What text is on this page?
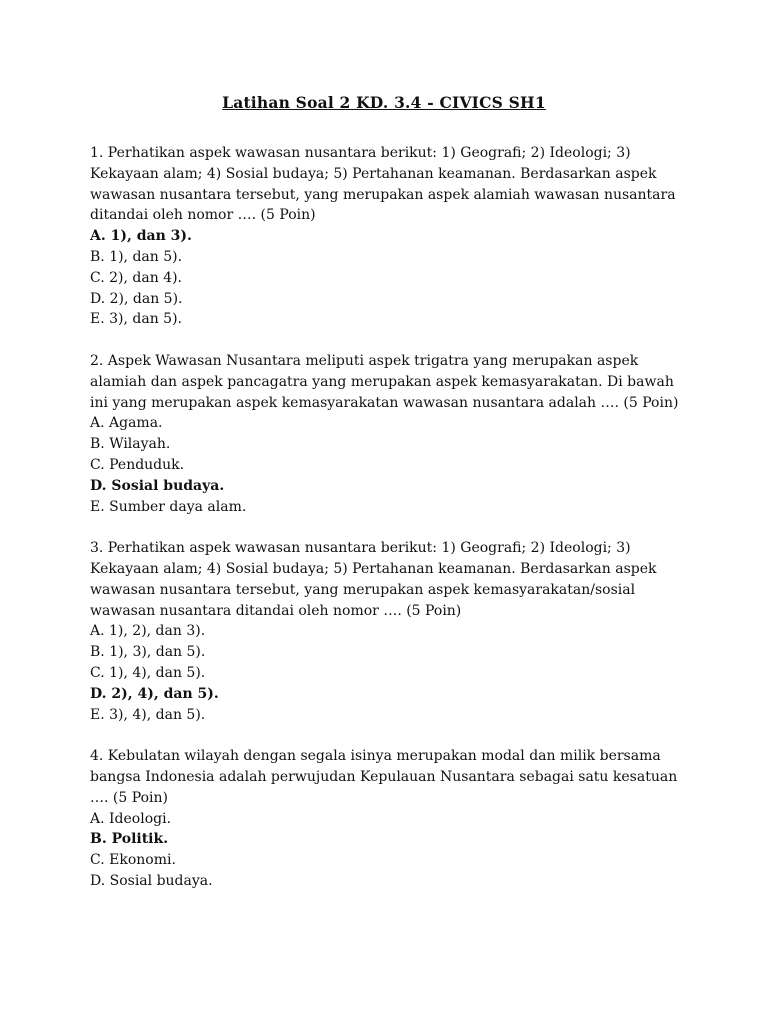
Latihan Soal 2 KD. 3.4 - CIVICS SH1

1. Perhatikan aspek wawasan nusantara berikut: 1) Geografi; 2) Ideologi; 3) Kekayaan alam; 4) Sosial budaya; 5) Pertahanan keamanan. Berdasarkan aspek wawasan nusantara tersebut, yang merupakan aspek alamiah wawasan nusantara ditandai oleh nomor …. (5 Poin)

A. 1), dan 3).
B. 1), dan 5).
C. 2), dan 4).
D. 2), dan 5).
E. 3), dan 5).

2. Aspek Wawasan Nusantara meliputi aspek trigatra yang merupakan aspek alamiah dan aspek pancagatra yang merupakan aspek kemasyarakatan. Di bawah ini yang merupakan aspek kemasyarakatan wawasan nusantara adalah …. (5 Poin)

A. Agama.
B. Wilayah.
C. Penduduk.
D. Sosial budaya.
E. Sumber daya alam.

3. Perhatikan aspek wawasan nusantara berikut: 1) Geografi; 2) Ideologi; 3) Kekayaan alam; 4) Sosial budaya; 5) Pertahanan keamanan. Berdasarkan aspek wawasan nusantara tersebut, yang merupakan aspek kemasyarakatan/sosial wawasan nusantara ditandai oleh nomor …. (5 Poin)

A. 1), 2), dan 3).
B. 1), 3), dan 5).
C. 1), 4), dan 5).
D. 2), 4), dan 5).
E. 3), 4), dan 5).

4. Kebulatan wilayah dengan segala isinya merupakan modal dan milik bersama bangsa Indonesia adalah perwujudan Kepulauan Nusantara sebagai satu kesatuan …. (5 Poin)

A. Ideologi.
B. Politik.
C. Ekonomi.
D. Sosial budaya.
